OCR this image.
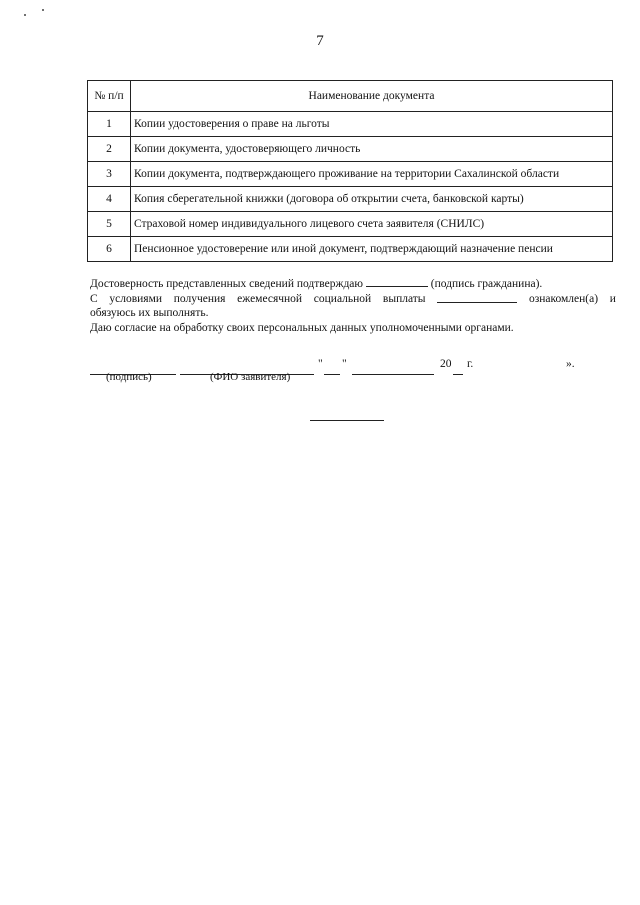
7
№ п/п	Наименование документа
1	Копии удостоверения о праве на льготы
2	Копии документа, удостоверяющего личность
3	Копии документа, подтверждающего проживание на территории Сахалинской области
4	Копия сберегательной книжки (договора об открытии счета, банковской карты)
5	Страховой номер индивидуального лицевого счета заявителя (СНИЛС)
6	Пенсионное удостоверение или иной документ, подтверждающий назначение пенсии
Достоверность представленных сведений подтверждаю	(подпись гражданина).
С условиями получения ежемесячной социальной выплаты	ознакомлен(а) и
обязуюсь их выполнять.
Даю согласие на обработку своих персональных данных уполномоченными органами.
" "	20 г.	».
(подпись)	(ФИО заявителя)
